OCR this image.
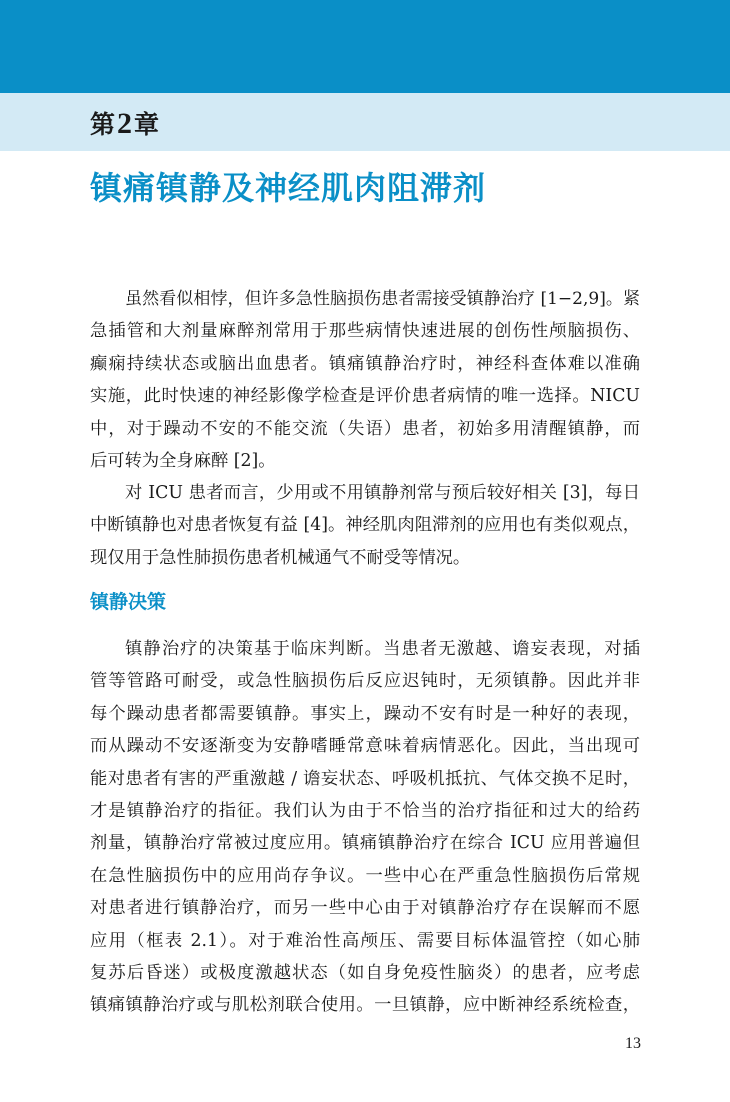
第2章
镇痛镇静及神经肌肉阻滞剂
虽然看似相悖，但许多急性脑损伤患者需接受镇静治疗 [1−2,9]。紧
急插管和大剂量麻醉剂常用于那些病情快速进展的创伤性颅脑损伤、
癫痫持续状态或脑出血患者。镇痛镇静治疗时，神经科查体难以准确
实施，此时快速的神经影像学检查是评价患者病情的唯一选择。NICU
中，对于躁动不安的不能交流（失语）患者，初始多用清醒镇静，而
后可转为全身麻醉 [2]。
对 ICU 患者而言，少用或不用镇静剂常与预后较好相关 [3]，每日
中断镇静也对患者恢复有益 [4]。神经肌肉阻滞剂的应用也有类似观点，
现仅用于急性肺损伤患者机械通气不耐受等情况。
镇静决策
镇静治疗的决策基于临床判断。当患者无激越、谵妄表现，对插
管等管路可耐受，或急性脑损伤后反应迟钝时，无须镇静。因此并非
每个躁动患者都需要镇静。事实上，躁动不安有时是一种好的表现，
而从躁动不安逐渐变为安静嗜睡常意味着病情恶化。因此，当出现可
能对患者有害的严重激越 / 谵妄状态、呼吸机抵抗、气体交换不足时，
才是镇静治疗的指征。我们认为由于不恰当的治疗指征和过大的给药
剂量，镇静治疗常被过度应用。镇痛镇静治疗在综合 ICU 应用普遍但
在急性脑损伤中的应用尚存争议。一些中心在严重急性脑损伤后常规
对患者进行镇静治疗，而另一些中心由于对镇静治疗存在误解而不愿
应用（框表 2.1）。对于难治性高颅压、需要目标体温管控（如心肺
复苏后昏迷）或极度激越状态（如自身免疫性脑炎）的患者，应考虑
镇痛镇静治疗或与肌松剂联合使用。一旦镇静，应中断神经系统检查，
13
